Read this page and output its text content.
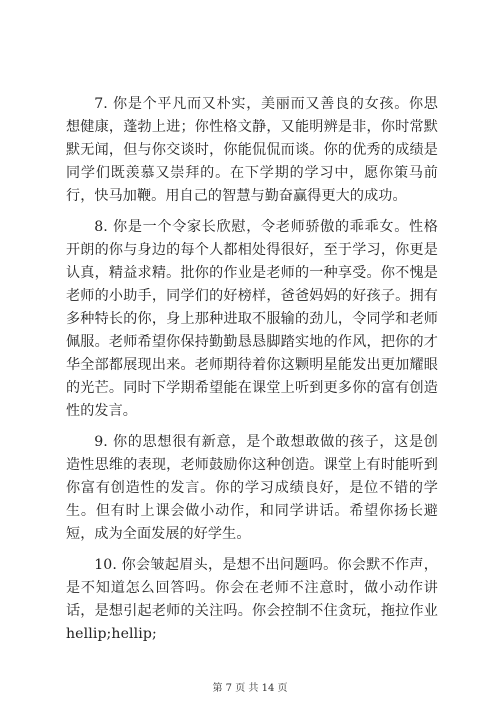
7. 你是个平凡而又朴实，美丽而又善良的女孩。你思想健康，蓬勃上进；你性格文静，又能明辨是非，你时常默默无闻，但与你交谈时，你能侃侃而谈。你的优秀的成绩是同学们既羡慕又崇拜的。在下学期的学习中，愿你策马前行，快马加鞭。用自己的智慧与勤奋赢得更大的成功。

8. 你是一个令家长欣慰，令老师骄傲的乖乖女。性格开朗的你与身边的每个人都相处得很好，至于学习，你更是认真，精益求精。批你的作业是老师的一种享受。你不愧是老师的小助手，同学们的好榜样，爸爸妈妈的好孩子。拥有多种特长的你，身上那种进取不服输的劲儿，令同学和老师佩服。老师希望你保持勤勤恳恳脚踏实地的作风，把你的才华全部都展现出来。老师期待着你这颗明星能发出更加耀眼的光芒。同时下学期希望能在课堂上听到更多你的富有创造性的发言。

9. 你的思想很有新意，是个敢想敢做的孩子，这是创造性思维的表现，老师鼓励你这种创造。课堂上有时能听到你富有创造性的发言。你的学习成绩良好，是位不错的学生。但有时上课会做小动作，和同学讲话。希望你扬长避短，成为全面发展的好学生。

10. 你会皱起眉头，是想不出问题吗。你会默不作声，是不知道怎么回答吗。你会在老师不注意时，做小动作讲话，是想引起老师的关注吗。你会控制不住贪玩，拖拉作业 hellip;hellip;

第 7 页 共 14 页
